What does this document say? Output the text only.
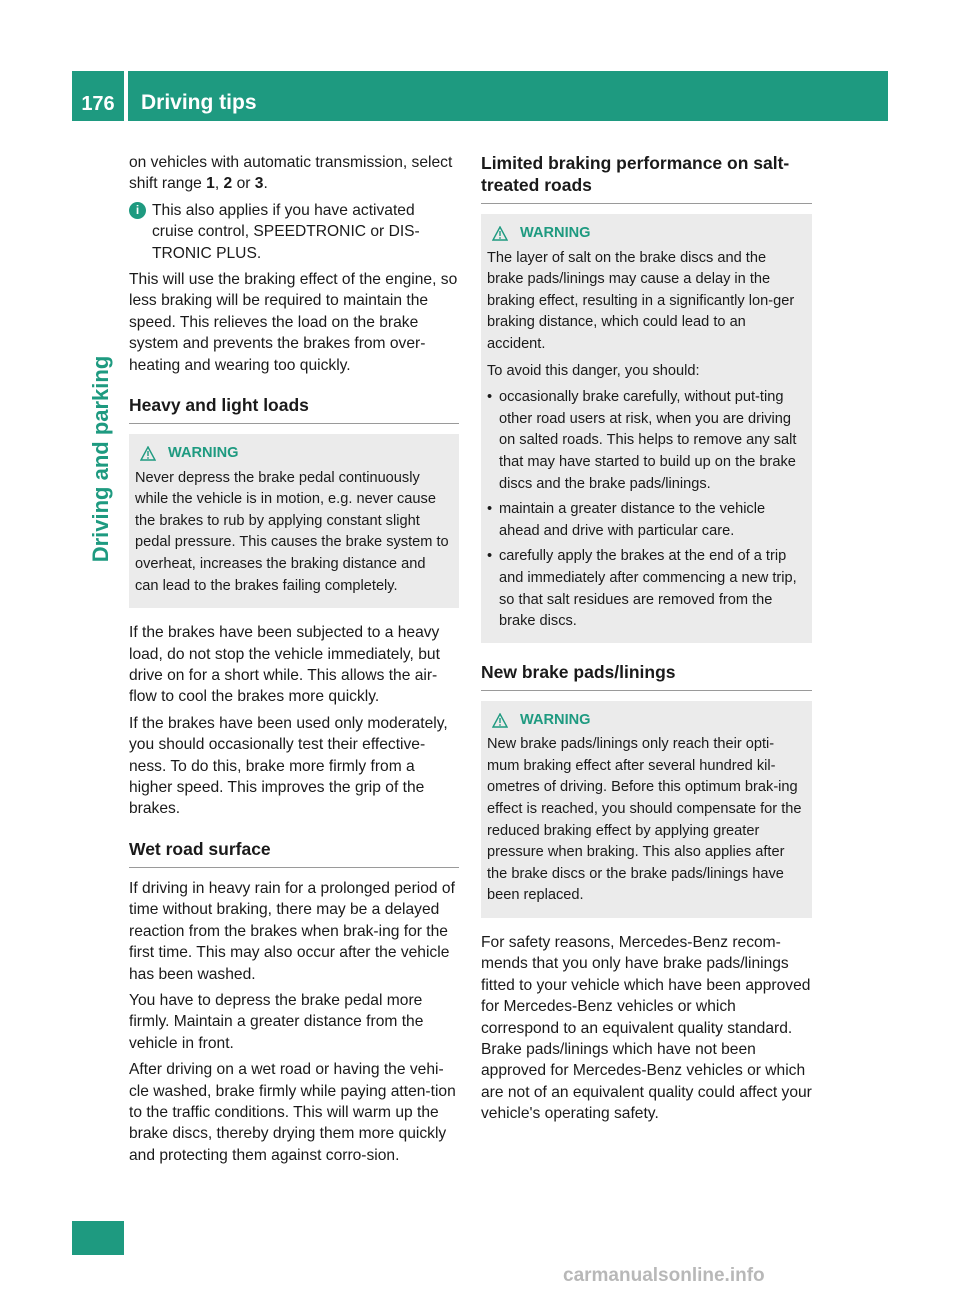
176	Driving tips
Driving and parking

on vehicles with automatic transmission, select shift range 1, 2 or 3.

i This also applies if you have activated cruise control, SPEEDTRONIC or DIS-TRONIC PLUS.

This will use the braking effect of the engine, so less braking will be required to maintain the speed. This relieves the load on the brake system and prevents the brakes from over-heating and wearing too quickly.

Heavy and light loads
WARNING

Never depress the brake pedal continuously while the vehicle is in motion, e.g. never cause the brakes to rub by applying constant slight pedal pressure. This causes the brake system to overheat, increases the braking distance and can lead to the brakes failing completely.

If the brakes have been subjected to a heavy load, do not stop the vehicle immediately, but drive on for a short while. This allows the air-flow to cool the brakes more quickly.

If the brakes have been used only moderately, you should occasionally test their effective-ness. To do this, brake more firmly from a higher speed. This improves the grip of the brakes.

Wet road surface

If driving in heavy rain for a prolonged period of time without braking, there may be a delayed reaction from the brakes when brak-ing for the first time. This may also occur after the vehicle has been washed.

You have to depress the brake pedal more firmly. Maintain a greater distance from the vehicle in front.

After driving on a wet road or having the vehi-cle washed, brake firmly while paying atten-tion to the traffic conditions. This will warm up the brake discs, thereby drying them more quickly and protecting them against corro-sion.

Limited braking performance on salt-treated roads
WARNING

The layer of salt on the brake discs and the brake pads/linings may cause a delay in the braking effect, resulting in a significantly lon-ger braking distance, which could lead to an accident.

To avoid this danger, you should:

• occasionally brake carefully, without put-ting other road users at risk, when you are driving on salted roads. This helps to remove any salt that may have started to build up on the brake discs and the brake pads/linings.
• maintain a greater distance to the vehicle ahead and drive with particular care.
• carefully apply the brakes at the end of a trip and immediately after commencing a new trip, so that salt residues are removed from the brake discs.
New brake pads/linings
WARNING

New brake pads/linings only reach their opti-mum braking effect after several hundred kil-ometres of driving. Before this optimum brak-ing effect is reached, you should compensate for the reduced braking effect by applying greater pressure when braking. This also applies after the brake discs or the brake pads/linings have been replaced.

For safety reasons, Mercedes-Benz recom-mends that you only have brake pads/linings fitted to your vehicle which have been approved for Mercedes-Benz vehicles or which correspond to an equivalent quality standard. Brake pads/linings which have not been approved for Mercedes-Benz vehicles or which are not of an equivalent quality could affect your vehicle's operating safety.

carmanualsonline.info
